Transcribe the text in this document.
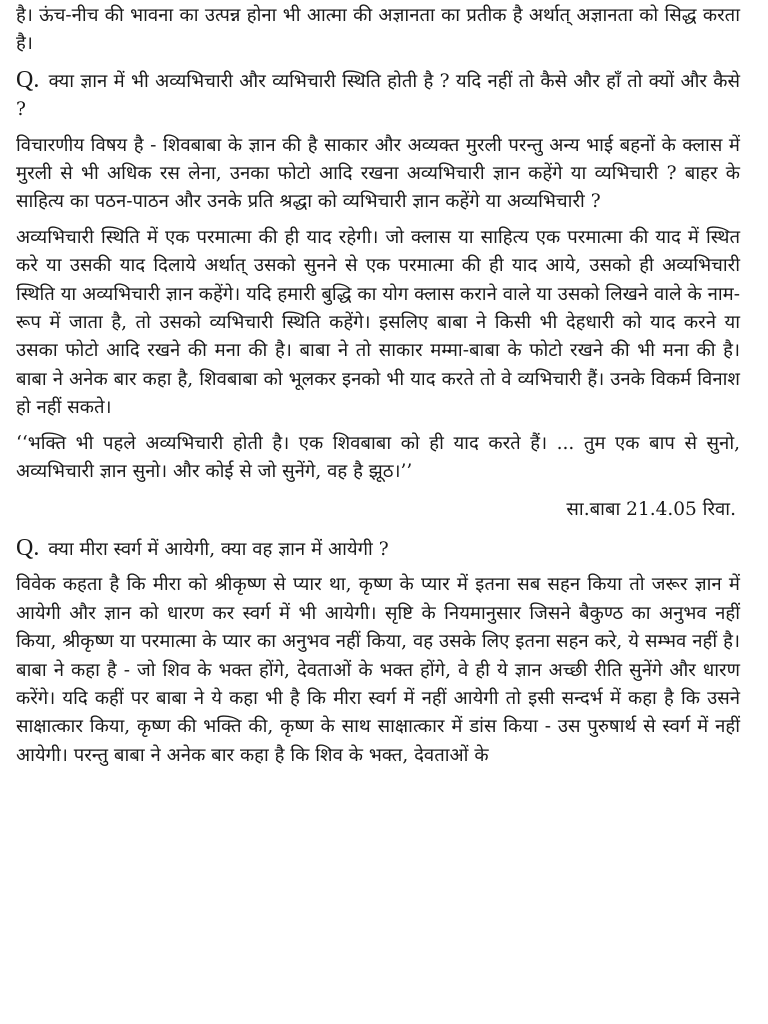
है। ऊंच-नीच की भावना का उत्पन्न होना भी आत्मा की अज्ञानता का प्रतीक है अर्थात् अज्ञानता को सिद्ध करता है।

Q. क्या ज्ञान में भी अव्यभिचारी और व्यभिचारी स्थिति होती है ? यदि नहीं तो कैसे और हाँ तो क्यों और कैसे ?

विचारणीय विषय है - शिवबाबा के ज्ञान की है साकार और अव्यक्त मुरली परन्तु अन्य भाई बहनों के क्लास में मुरली से भी अधिक रस लेना, उनका फोटो आदि रखना अव्यभिचारी ज्ञान कहेंगे या व्यभिचारी ? बाहर के साहित्य का पठन-पाठन और उनके प्रति श्रद्धा को व्यभिचारी ज्ञान कहेंगे या अव्यभिचारी ?

अव्यभिचारी स्थिति में एक परमात्मा की ही याद रहेगी। जो क्लास या साहित्य एक परमात्मा की याद में स्थित करे या उसकी याद दिलाये अर्थात् उसको सुनने से एक परमात्मा की ही याद आये, उसको ही अव्यभिचारी स्थिति या अव्यभिचारी ज्ञान कहेंगे। यदि हमारी बुद्धि का योग क्लास कराने वाले या उसको लिखने वाले के नाम-रूप में जाता है, तो उसको व्यभिचारी स्थिति कहेंगे। इसलिए बाबा ने किसी भी देहधारी को याद करने या उसका फोटो आदि रखने की मना की है। बाबा ने तो साकार मम्मा-बाबा के फोटो रखने की भी मना की है। बाबा ने अनेक बार कहा है, शिवबाबा को भूलकर इनको भी याद करते तो वे व्यभिचारी हैं। उनके विकर्म विनाश हो नहीं सकते।

‘‘भक्ति भी पहले अव्यभिचारी होती है। एक शिवबाबा को ही याद करते हैं। ... तुम एक बाप से सुनो, अव्यभिचारी ज्ञान सुनो। और कोई से जो सुनेंगे, वह है झूठ।’’

सा.बाबा 21.4.05 रिवा.

Q. क्या मीरा स्वर्ग में आयेगी, क्या वह ज्ञान में आयेगी ?

विवेक कहता है कि मीरा को श्रीकृष्ण से प्यार था, कृष्ण के प्यार में इतना सब सहन किया तो जरूर ज्ञान में आयेगी और ज्ञान को धारण कर स्वर्ग में भी आयेगी। सृष्टि के नियमानुसार जिसने बैकुण्ठ का अनुभव नहीं किया, श्रीकृष्ण या परमात्मा के प्यार का अनुभव नहीं किया, वह उसके लिए इतना सहन करे, ये सम्भव नहीं है। बाबा ने कहा है - जो शिव के भक्त होंगे, देवताओं के भक्त होंगे, वे ही ये ज्ञान अच्छी रीति सुनेंगे और धारण करेंगे। यदि कहीं पर बाबा ने ये कहा भी है कि मीरा स्वर्ग में नहीं आयेगी तो इसी सन्दर्भ में कहा है कि उसने साक्षात्कार किया, कृष्ण की भक्ति की, कृष्ण के साथ साक्षात्कार में डांस किया - उस पुरुषार्थ से स्वर्ग में नहीं आयेगी। परन्तु बाबा ने अनेक बार कहा है कि शिव के भक्त, देवताओं के
